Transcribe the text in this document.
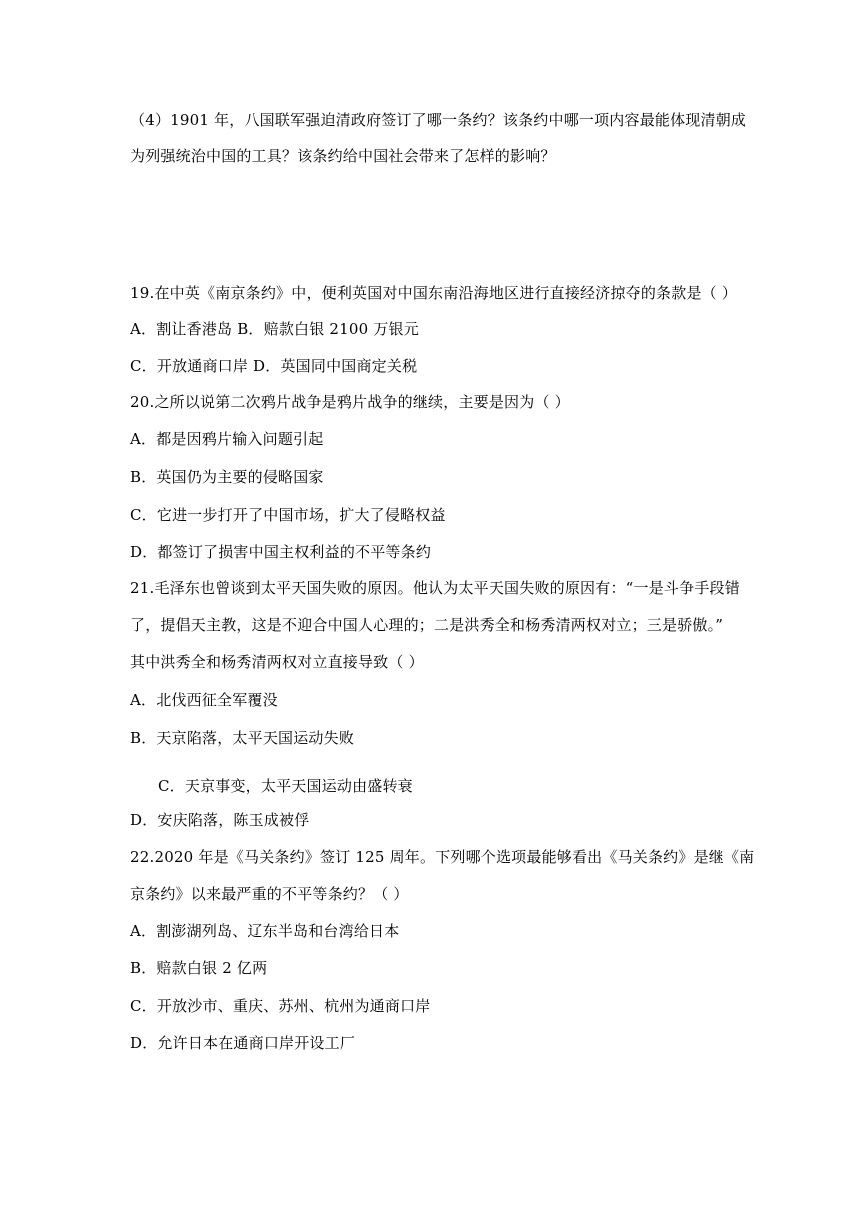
（4）1901 年，八国联军强迫清政府签订了哪一条约？该条约中哪一项内容最能体现清朝成
为列强统治中国的工具？该条约给中国社会带来了怎样的影响？
19.在中英《南京条约》中，便利英国对中国东南沿海地区进行直接经济掠夺的条款是（ ）
A．割让香港岛 B．赔款白银 2100 万银元
C．开放通商口岸 D．英国同中国商定关税
20.之所以说第二次鸦片战争是鸦片战争的继续，主要是因为（ ）
A．都是因鸦片输入问题引起
B．英国仍为主要的侵略国家
C．它进一步打开了中国市场，扩大了侵略权益
D．都签订了损害中国主权利益的不平等条约
21.毛泽东也曾谈到太平天国失败的原因。他认为太平天国失败的原因有：“一是斗争手段错
了，提倡天主教，这是不迎合中国人心理的；二是洪秀全和杨秀清两权对立；三是骄傲。”
其中洪秀全和杨秀清两权对立直接导致（ ）
A．北伐西征全军覆没
B．天京陷落，太平天国运动失败
C．天京事变，太平天国运动由盛转衰
D．安庆陷落，陈玉成被俘
22.2020 年是《马关条约》签订 125 周年。下列哪个选项最能够看出《马关条约》是继《南
京条约》以来最严重的不平等条约？（ ）
A．割澎湖列岛、辽东半岛和台湾给日本
B．赔款白银 2 亿两
C．开放沙市、重庆、苏州、杭州为通商口岸
D．允许日本在通商口岸开设工厂
